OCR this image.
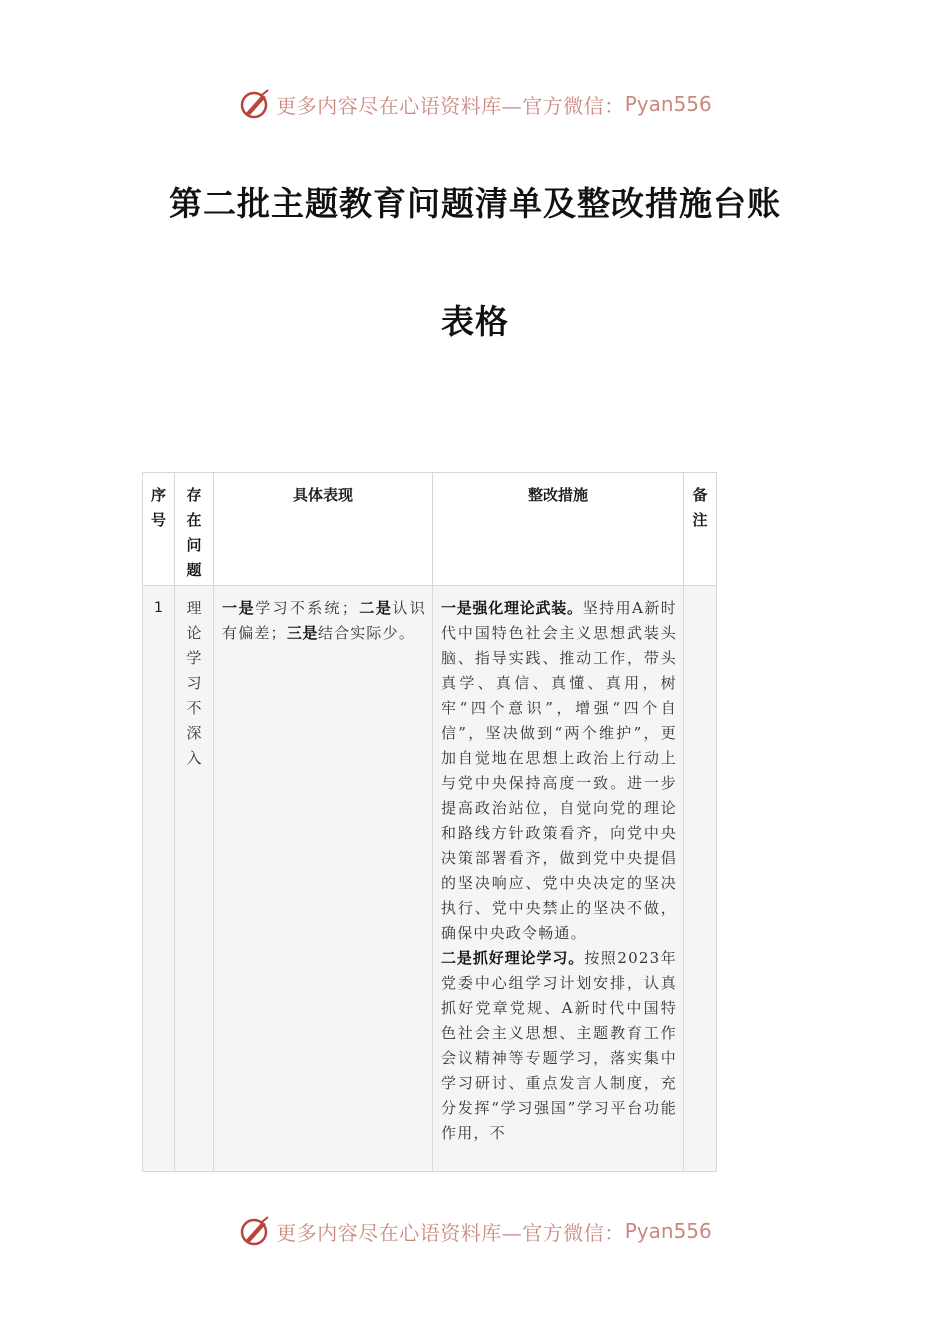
更多内容尽在心语资料库—官方微信： Pyan556
第二批主题教育问题清单及整改措施台账
表格
序号	存在问题	具体表现	整改措施	备注

1	理论学习不深入	一是学习不系统；二是认识有偏差；三是结合实际少。	一是强化理论武装。坚持用A新时代中国特色社会主义思想武装头脑、指导实践、推动工作，带头真学、真信、真懂、真用，树牢“四个意识”，增强“四个自信”，坚决做到“两个维护”，更加自觉地在思想上政治上行动上与党中央保持高度一致。进一步提高政治站位，自觉向党的理论和路线方针政策看齐，向党中央决策部署看齐，做到党中央提倡的坚决响应、党中央决定的坚决执行、党中央禁止的坚决不做，确保中央政令畅通。
二是抓好理论学习。按照2023年党委中心组学习计划安排，认真抓好党章党规、A新时代中国特色社会主义思想、主题教育工作会议精神等专题学习，落实集中学习研讨、重点发言人制度，充分发挥“学习强国”学习平台功能作用，不	

更多内容尽在心语资料库—官方微信： Pyan556
